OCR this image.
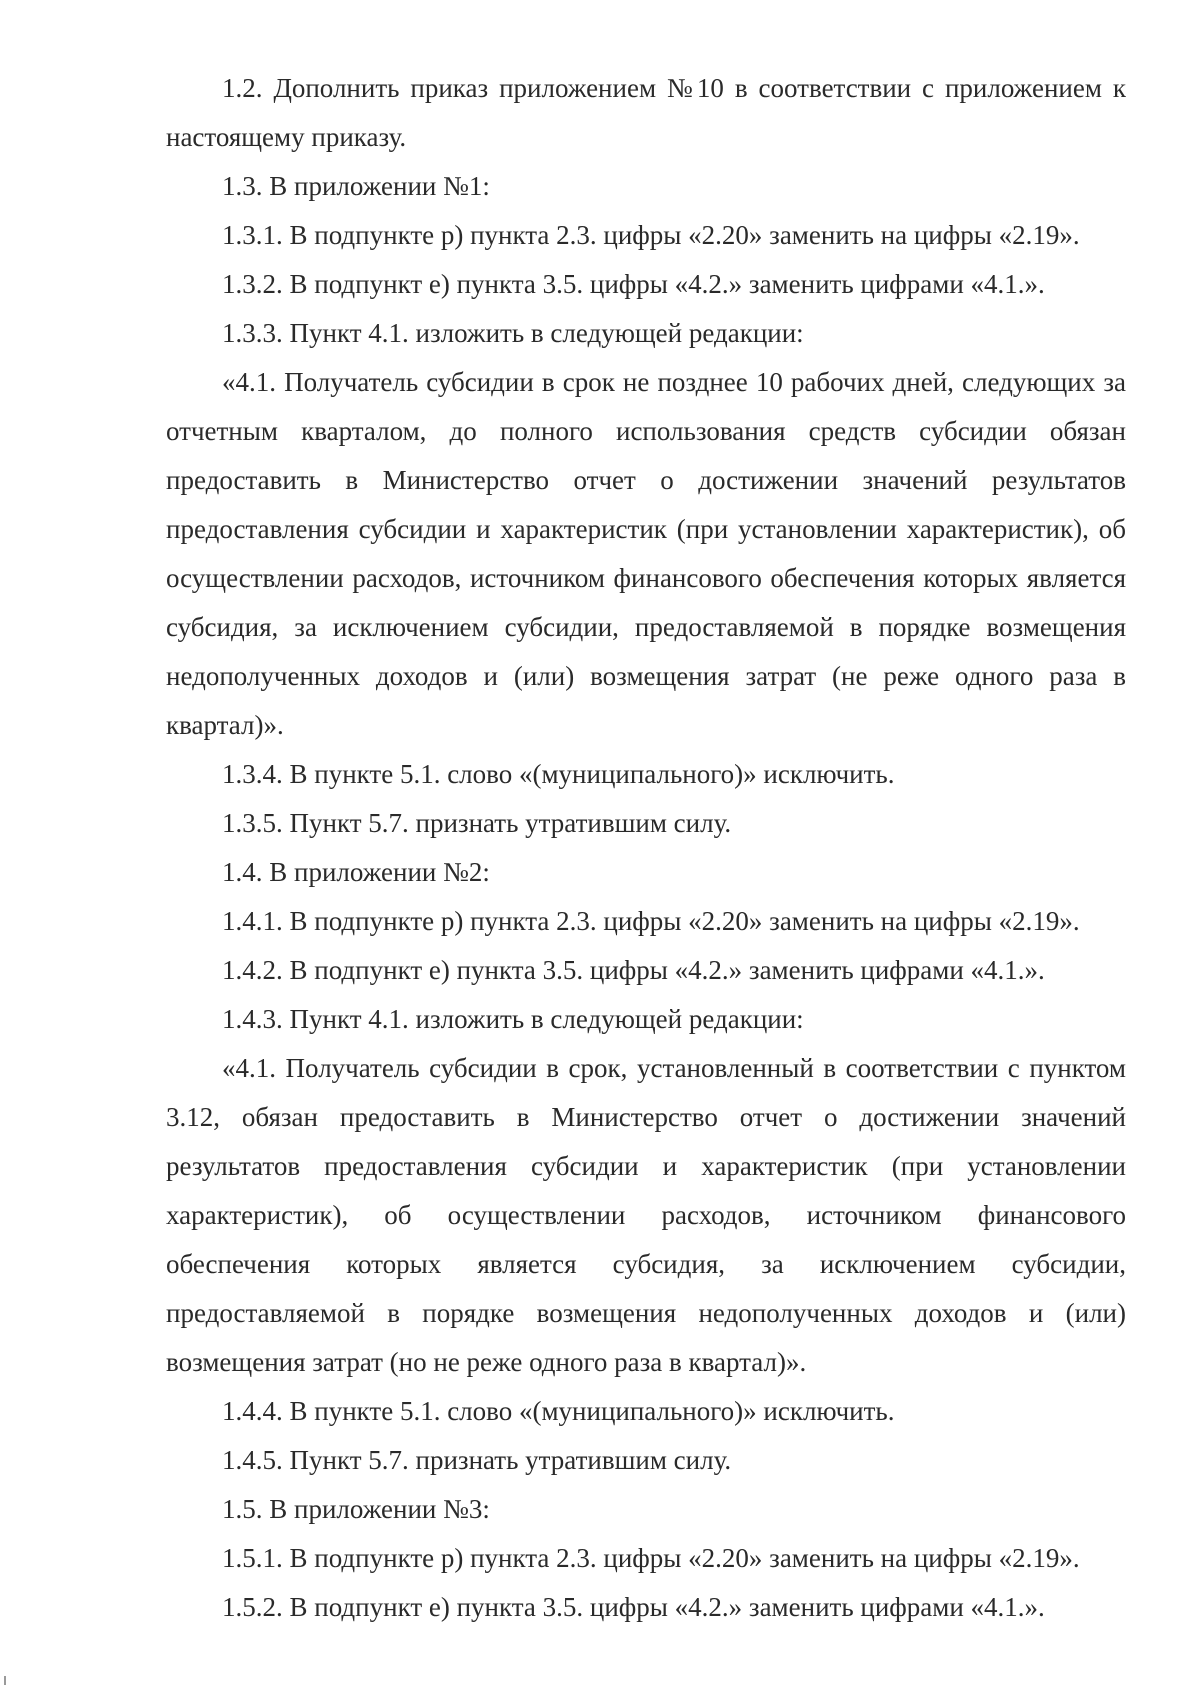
1.2. Дополнить приказ приложением №10 в соответствии с приложением к настоящему приказу.

1.3. В приложении №1:

1.3.1. В подпункте р) пункта 2.3. цифры «2.20» заменить на цифры «2.19».

1.3.2. В подпункт е) пункта 3.5. цифры «4.2.» заменить цифрами «4.1.».

1.3.3. Пункт 4.1. изложить в следующей редакции:

«4.1. Получатель субсидии в срок не позднее 10 рабочих дней, следующих за отчетным кварталом, до полного использования средств субсидии обязан предоставить в Министерство отчет о достижении значений результатов предоставления субсидии и характеристик (при установлении характеристик), об осуществлении расходов, источником финансового обеспечения которых является субсидия, за исключением субсидии, предоставляемой в порядке возмещения недополученных доходов и (или) возмещения затрат (не реже одного раза в квартал)».

1.3.4. В пункте 5.1. слово «(муниципального)» исключить.

1.3.5. Пункт 5.7. признать утратившим силу.

1.4. В приложении №2:

1.4.1. В подпункте р) пункта 2.3. цифры «2.20» заменить на цифры «2.19».

1.4.2. В подпункт е) пункта 3.5. цифры «4.2.» заменить цифрами «4.1.».

1.4.3. Пункт 4.1. изложить в следующей редакции:

«4.1. Получатель субсидии в срок, установленный в соответствии с пунктом 3.12, обязан предоставить в Министерство отчет о достижении значений результатов предоставления субсидии и характеристик (при установлении характеристик), об осуществлении расходов, источником финансового обеспечения которых является субсидия, за исключением субсидии, предоставляемой в порядке возмещения недополученных доходов и (или) возмещения затрат (но не реже одного раза в квартал)».

1.4.4. В пункте 5.1. слово «(муниципального)» исключить.

1.4.5. Пункт 5.7. признать утратившим силу.

1.5. В приложении №3:

1.5.1. В подпункте р) пункта 2.3. цифры «2.20» заменить на цифры «2.19».

1.5.2. В подпункт е) пункта 3.5. цифры «4.2.» заменить цифрами «4.1.».
